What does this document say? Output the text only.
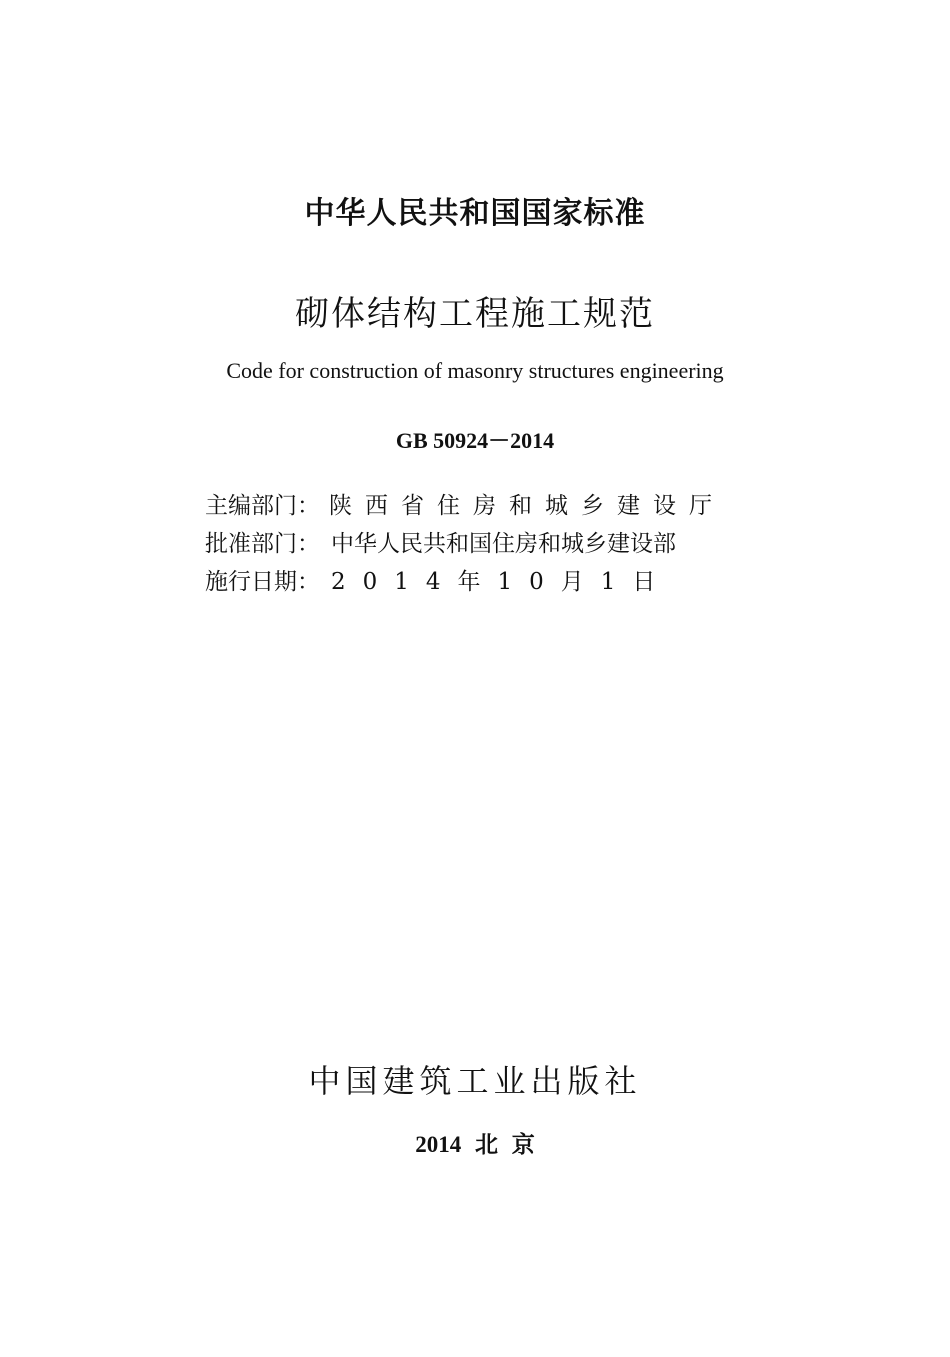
中华人民共和国国家标准
砌体结构工程施工规范
Code for construction of masonry structures engineering
GB 50924－2014
主编部门： 陕西省住房和城乡建设厅
批准部门： 中华人民共和国住房和城乡建设部
施行日期： 2014年10月1日
中国建筑工业出版社
2014 北 京
